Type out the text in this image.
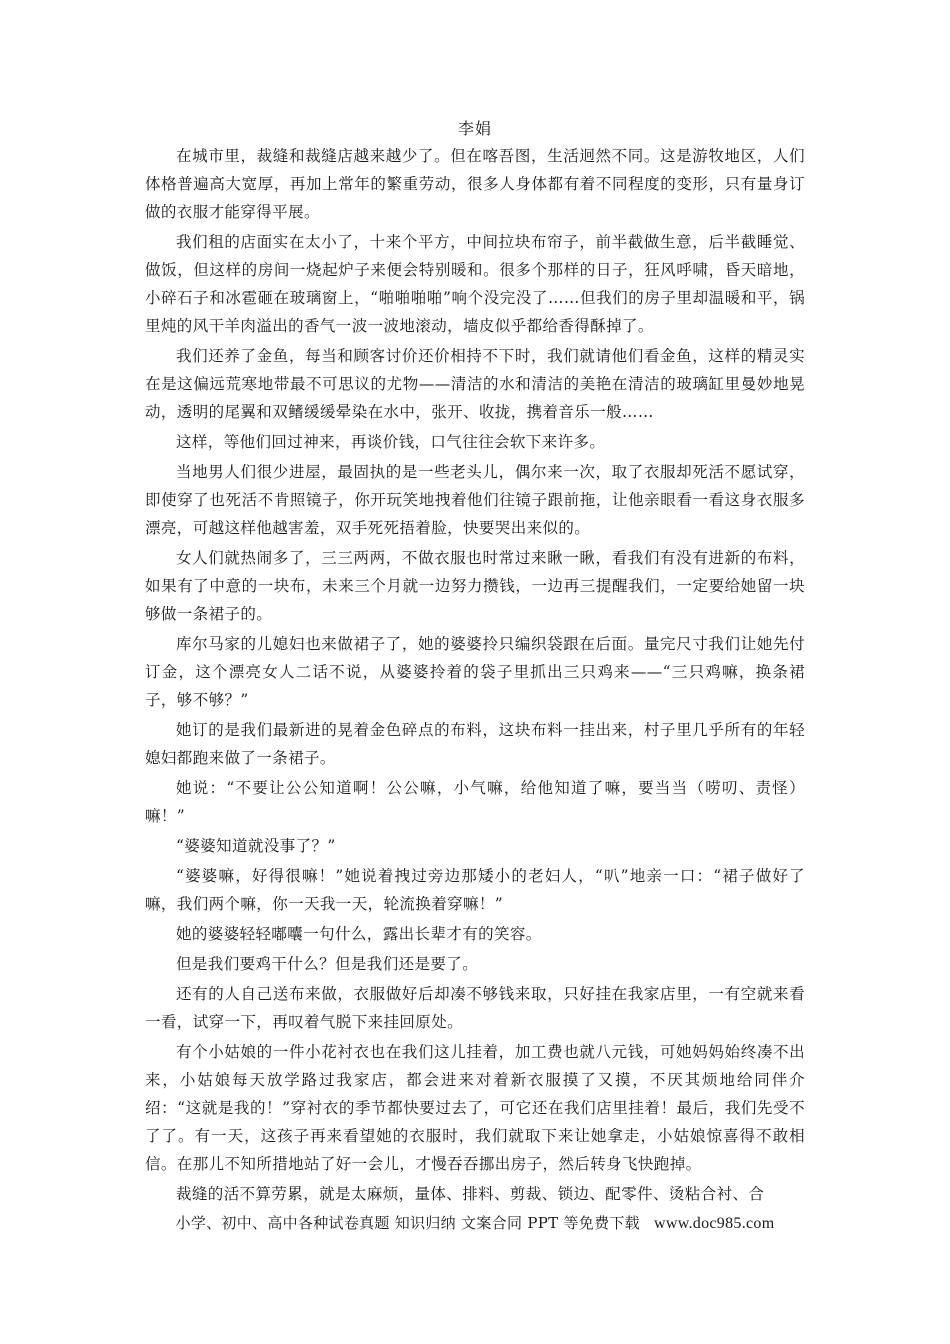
李娟

在城市里，裁缝和裁缝店越来越少了。但在喀吾图，生活迥然不同。这是游牧地区，人们体格普遍高大宽厚，再加上常年的繁重劳动，很多人身体都有着不同程度的变形，只有量身订做的衣服才能穿得平展。

我们租的店面实在太小了，十来个平方，中间拉块布帘子，前半截做生意，后半截睡觉、做饭，但这样的房间一烧起炉子来便会特别暖和。很多个那样的日子，狂风呼啸，昏天暗地，小碎石子和冰雹砸在玻璃窗上，“啪啪啪啪”响个没完没了……但我们的房子里却温暖和平，锅里炖的风干羊肉溢出的香气一波一波地滚动，墙皮似乎都给香得酥掉了。

我们还养了金鱼，每当和顾客讨价还价相持不下时，我们就请他们看金鱼，这样的精灵实在是这偏远荒寒地带最不可思议的尤物——清洁的水和清洁的美艳在清洁的玻璃缸里曼妙地晃动，透明的尾翼和双鳍缓缓晕染在水中，张开、收拢，携着音乐一般……

这样，等他们回过神来，再谈价钱，口气往往会软下来许多。

当地男人们很少进屋，最固执的是一些老头儿，偶尔来一次，取了衣服却死活不愿试穿，即使穿了也死活不肯照镜子，你开玩笑地拽着他们往镜子跟前拖，让他亲眼看一看这身衣服多漂亮，可越这样他越害羞，双手死死捂着脸，快要哭出来似的。

女人们就热闹多了，三三两两，不做衣服也时常过来瞅一瞅，看我们有没有进新的布料，如果有了中意的一块布，未来三个月就一边努力攒钱，一边再三提醒我们，一定要给她留一块够做一条裙子的。

库尔马家的儿媳妇也来做裙子了，她的婆婆拎只编织袋跟在后面。量完尺寸我们让她先付订金，这个漂亮女人二话不说，从婆婆拎着的袋子里抓出三只鸡来——“三只鸡嘛，换条裙子，够不够？”

她订的是我们最新进的晃着金色碎点的布料，这块布料一挂出来，村子里几乎所有的年轻媳妇都跑来做了一条裙子。

她说：“不要让公公知道啊！公公嘛，小气嘛，给他知道了嘛，要当当（唠叨、责怪）嘛！”

“婆婆知道就没事了？”

“婆婆嘛，好得很嘛！”她说着拽过旁边那矮小的老妇人，“叭”地亲一口：“裙子做好了嘛，我们两个嘛，你一天我一天，轮流换着穿嘛！”

她的婆婆轻轻嘟囔一句什么，露出长辈才有的笑容。

但是我们要鸡干什么？但是我们还是要了。

还有的人自己送布来做，衣服做好后却凑不够钱来取，只好挂在我家店里，一有空就来看一看，试穿一下，再叹着气脱下来挂回原处。

有个小姑娘的一件小花衬衣也在我们这儿挂着，加工费也就八元钱，可她妈妈始终凑不出来，小姑娘每天放学路过我家店，都会进来对着新衣服摸了又摸，不厌其烦地给同伴介绍：“这就是我的！”穿衬衣的季节都快要过去了，可它还在我们店里挂着！最后，我们先受不了了。有一天，这孩子再来看望她的衣服时，我们就取下来让她拿走，小姑娘惊喜得不敢相信。在那儿不知所措地站了好一会儿，才慢吞吞挪出房子，然后转身飞快跑掉。

裁缝的活不算劳累，就是太麻烦，量体、排料、剪裁、锁边、配零件、烫粘合衬、合

小学、初中、高中各种试卷真题 知识归纳 文案合同 PPT 等免费下载 www.doc985.com
